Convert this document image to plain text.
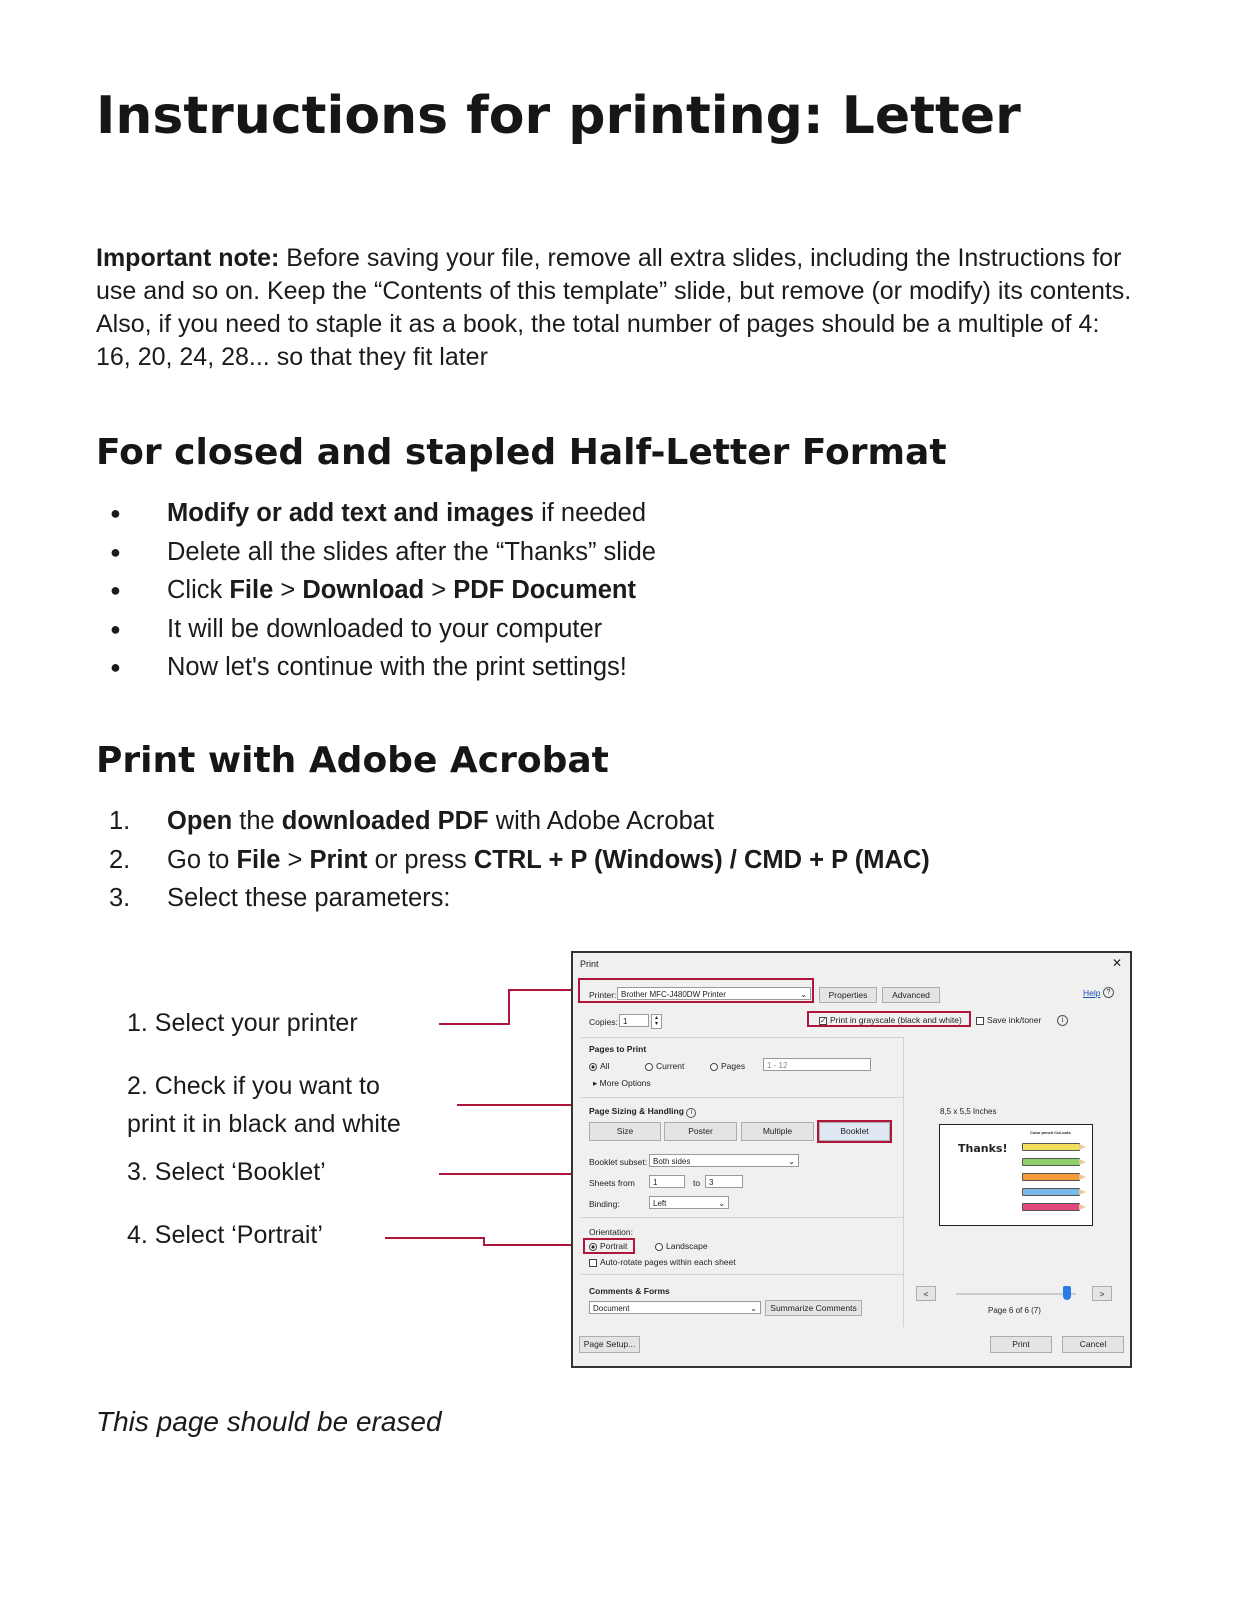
Instructions for printing: Letter
Important note: Before saving your file, remove all extra slides, including the Instructions for use and so on. Keep the “Contents of this template” slide, but remove (or modify) its contents. Also, if you need to staple it as a book, the total number of pages should be a multiple of 4: 16, 20, 24, 28... so that they fit later
For closed and stapled Half-Letter Format
●	Modify or add text and images if needed
●	Delete all the slides after the “Thanks” slide
●	Click File > Download > PDF Document
●	It will be downloaded to your computer
●	Now let's continue with the print settings!
Print with Adobe Acrobat
1.	Open the downloaded PDF with Adobe Acrobat
2.	Go to File > Print or press CTRL + P (Windows) / CMD + P (MAC)
3.	Select these parameters:
1. Select your printer
2. Check if you want to
print it in black and white
3. Select ‘Booklet’
4. Select ‘Portrait’
Print	✕
Printer: Brother MFC-J480DW Printer	⌄	Properties	Advanced	Help ?
Copies: 1	▴
▾	✓ Print in grayscale (black and white)	Save ink/toner	i
Pages to Print
All	Current	Pages	1 - 12
▸ More Options
Page Sizing & Handling i
Size	Poster	Multiple	Booklet
Booklet subset: Both sides	⌄
Sheets from	1	to	3
Binding:	Left	⌄
Orientation:
Portrait	Landscape
Auto-rotate pages within each sheet
Comments & Forms
Document	⌄	Summarize Comments
Page Setup...
8,5 x 5,5 Inches
Thanks!
Color pencil Cut-outs
<	>
Page 6 of 6 (7)
Print	Cancel
This page should be erased
